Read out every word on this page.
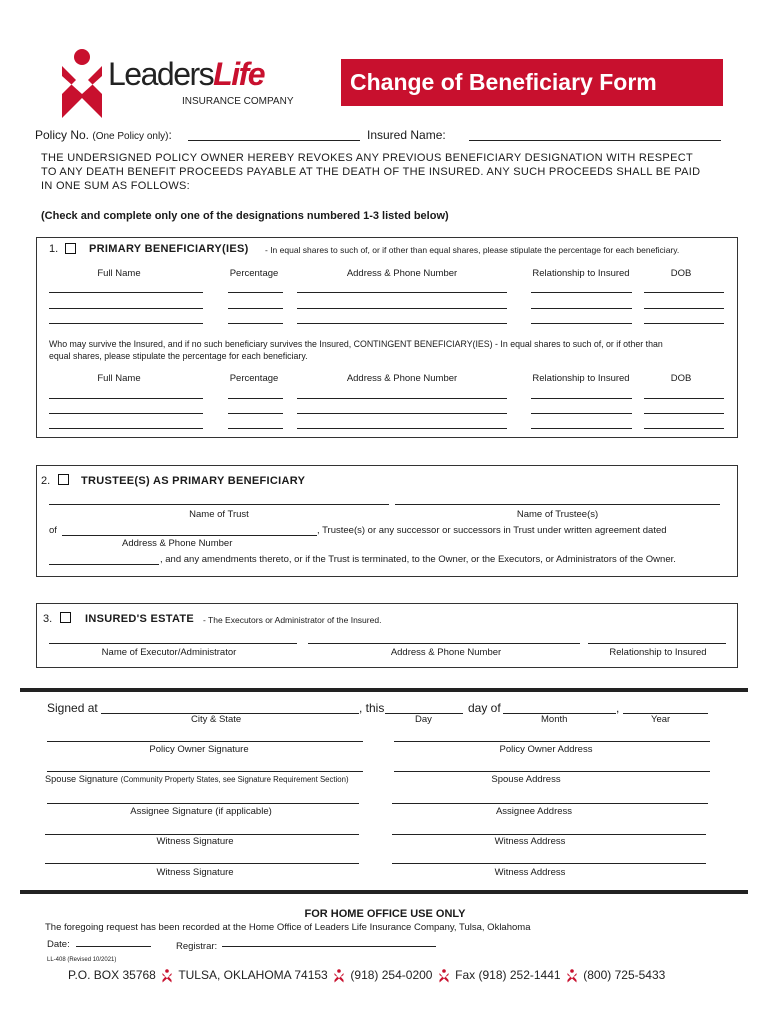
LeadersLife
INSURANCE COMPANY
Change of Beneficiary Form
Policy No. (One Policy only):	Insured Name:
THE UNDERSIGNED POLICY OWNER HEREBY REVOKES ANY PREVIOUS BENEFICIARY DESIGNATION WITH RESPECT
TO ANY DEATH BENEFIT PROCEEDS PAYABLE AT THE DEATH OF THE INSURED. ANY SUCH PROCEEDS SHALL BE PAID
IN ONE SUM AS FOLLOWS:
(Check and complete only one of the designations numbered 1-3 listed below)
1.	PRIMARY BENEFICIARY(IES) - In equal shares to such of, or if other than equal shares, please stipulate the percentage for each beneficiary.
Full Name	Percentage	Address & Phone Number	Relationship to Insured	DOB
Who may survive the Insured, and if no such beneficiary survives the Insured, CONTINGENT BENEFICIARY(IES) - In equal shares to such of, or if other than
equal shares, please stipulate the percentage for each beneficiary.
Full Name	Percentage	Address & Phone Number	Relationship to Insured	DOB
2.	TRUSTEE(S) AS PRIMARY BENEFICIARY
Name of Trust	Name of Trustee(s)
of	, Trustee(s) or any successor or successors in Trust under written agreement dated
Address & Phone Number
, and any amendments thereto, or if the Trust is terminated, to the Owner, or the Executors, or Administrators of the Owner.
3.	INSURED'S ESTATE - The Executors or Administrator of the Insured.
Name of Executor/Administrator	Address & Phone Number	Relationship to Insured
Signed at	, this	day of	,
City & State	Day	Month	Year
Policy Owner Signature	Policy Owner Address
Spouse Signature (Community Property States, see Signature Requirement Section)	Spouse Address
Assignee Signature (if applicable)	Assignee Address
Witness Signature	Witness Address
Witness Signature	Witness Address
FOR HOME OFFICE USE ONLY
The foregoing request has been recorded at the Home Office of Leaders Life Insurance Company, Tulsa, Oklahoma
Date:	Registrar:
LL-408 (Revised 10/2021)
P.O. BOX 35768 TULSA, OKLAHOMA 74153 (918) 254-0200 Fax (918) 252-1441 (800) 725-5433
